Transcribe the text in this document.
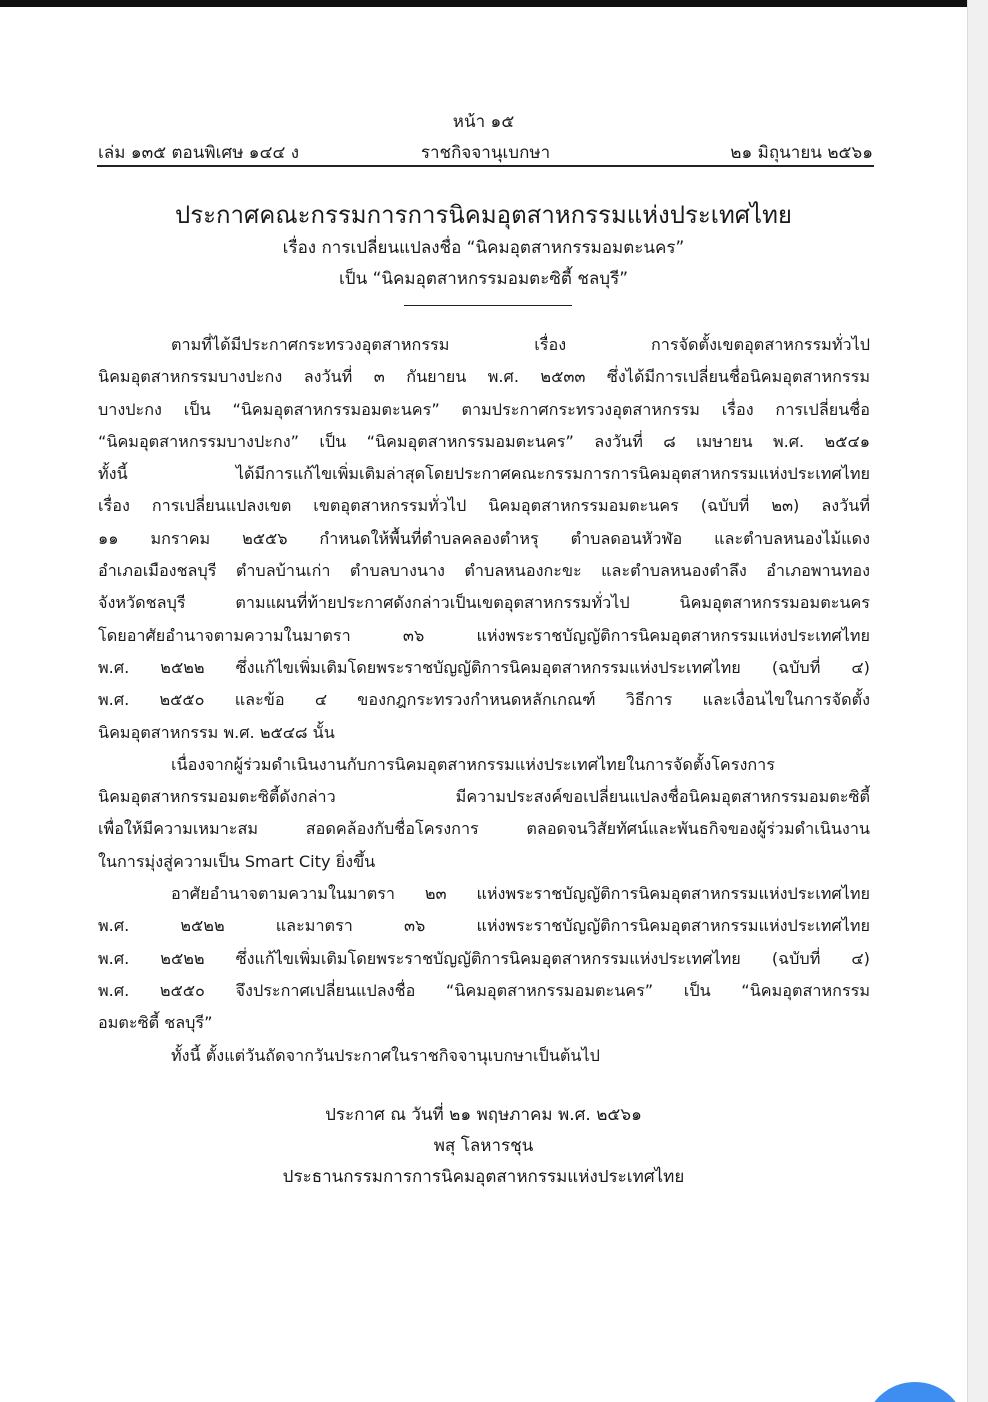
หน้า ๑๕
ราชกิจจานุเบกษา
เล่ม ๑๓๕ ตอนพิเศษ ๑๔๔ ง	๒๑ มิถุนายน ๒๕๖๑
ประกาศคณะกรรมการการนิคมอุตสาหกรรมแห่งประเทศไทย
เรื่อง การเปลี่ยนแปลงชื่อ “นิคมอุตสาหกรรมอมตะนคร”
เป็น “นิคมอุตสาหกรรมอมตะซิตี้ ชลบุรี”
ตามที่ได้มีประกาศกระทรวงอุตสาหกรรม เรื่อง การจัดตั้งเขตอุตสาหกรรมทั่วไป
นิคมอุตสาหกรรมบางปะกง ลงวันที่ ๓ กันยายน พ.ศ. ๒๕๓๓ ซึ่งได้มีการเปลี่ยนชื่อนิคมอุตสาหกรรม
บางปะกง เป็น “นิคมอุตสาหกรรมอมตะนคร” ตามประกาศกระทรวงอุตสาหกรรม เรื่อง การเปลี่ยนชื่อ
“นิคมอุตสาหกรรมบางปะกง” เป็น “นิคมอุตสาหกรรมอมตะนคร” ลงวันที่ ๘ เมษายน พ.ศ. ๒๕๔๑
ทั้งนี้ ได้มีการแก้ไขเพิ่มเติมล่าสุดโดยประกาศคณะกรรมการการนิคมอุตสาหกรรมแห่งประเทศไทย
เรื่อง การเปลี่ยนแปลงเขต เขตอุตสาหกรรมทั่วไป นิคมอุตสาหกรรมอมตะนคร (ฉบับที่ ๒๓) ลงวันที่
๑๑ มกราคม ๒๕๕๖ กำหนดให้พื้นที่ตำบลคลองตำหรุ ตำบลดอนหัวฬ่อ และตำบลหนองไม้แดง
อำเภอเมืองชลบุรี ตำบลบ้านเก่า ตำบลบางนาง ตำบลหนองกะขะ และตำบลหนองตำลึง อำเภอพานทอง
จังหวัดชลบุรี ตามแผนที่ท้ายประกาศดังกล่าวเป็นเขตอุตสาหกรรมทั่วไป นิคมอุตสาหกรรมอมตะนคร
โดยอาศัยอำนาจตามความในมาตรา ๓๖ แห่งพระราชบัญญัติการนิคมอุตสาหกรรมแห่งประเทศไทย
พ.ศ. ๒๕๒๒ ซึ่งแก้ไขเพิ่มเติมโดยพระราชบัญญัติการนิคมอุตสาหกรรมแห่งประเทศไทย (ฉบับที่ ๔)
พ.ศ. ๒๕๕๐ และข้อ ๔ ของกฎกระทรวงกำหนดหลักเกณฑ์ วิธีการ และเงื่อนไขในการจัดตั้ง
นิคมอุตสาหกรรม พ.ศ. ๒๕๔๘ นั้น
เนื่องจากผู้ร่วมดำเนินงานกับการนิคมอุตสาหกรรมแห่งประเทศไทยในการจัดตั้งโครงการ
นิคมอุตสาหกรรมอมตะซิตี้ดังกล่าว มีความประสงค์ขอเปลี่ยนแปลงชื่อนิคมอุตสาหกรรมอมตะซิตี้
เพื่อให้มีความเหมาะสม สอดคล้องกับชื่อโครงการ ตลอดจนวิสัยทัศน์และพันธกิจของผู้ร่วมดำเนินงาน
ในการมุ่งสู่ความเป็น Smart City ยิ่งขึ้น
อาศัยอำนาจตามความในมาตรา ๒๓ แห่งพระราชบัญญัติการนิคมอุตสาหกรรมแห่งประเทศไทย
พ.ศ. ๒๕๒๒ และมาตรา ๓๖ แห่งพระราชบัญญัติการนิคมอุตสาหกรรมแห่งประเทศไทย
พ.ศ. ๒๕๒๒ ซึ่งแก้ไขเพิ่มเติมโดยพระราชบัญญัติการนิคมอุตสาหกรรมแห่งประเทศไทย (ฉบับที่ ๔)
พ.ศ. ๒๕๕๐ จึงประกาศเปลี่ยนแปลงชื่อ “นิคมอุตสาหกรรมอมตะนคร” เป็น “นิคมอุตสาหกรรม
อมตะซิตี้ ชลบุรี”
ทั้งนี้ ตั้งแต่วันถัดจากวันประกาศในราชกิจจานุเบกษาเป็นต้นไป
ประกาศ ณ วันที่ ๒๑ พฤษภาคม พ.ศ. ๒๕๖๑
พสุ โลหารชุน
ประธานกรรมการการนิคมอุตสาหกรรมแห่งประเทศไทย
